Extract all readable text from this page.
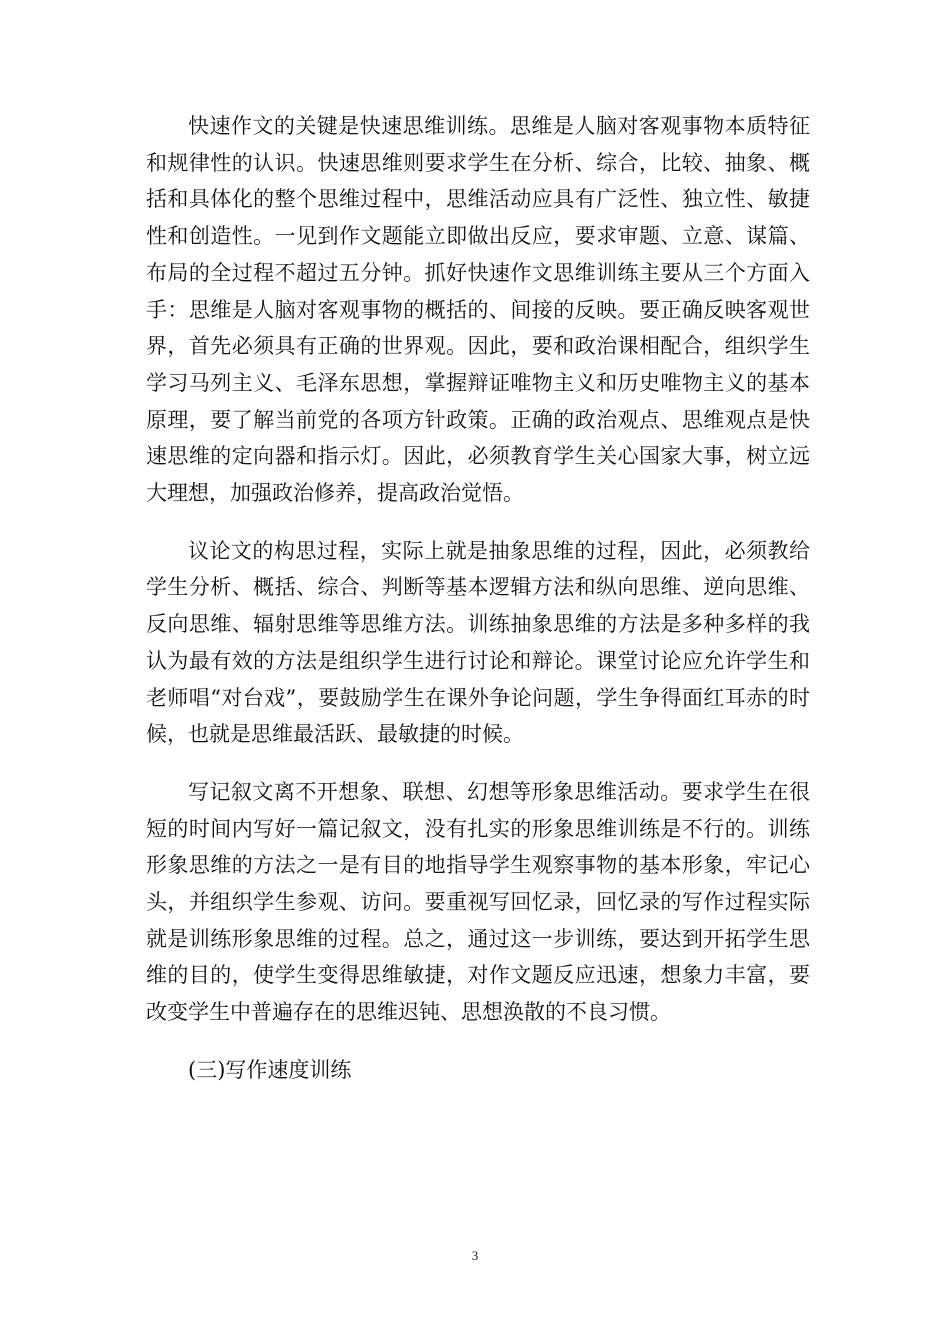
快速作文的关键是快速思维训练。思维是人脑对客观事物本质特征和规律性的认识。快速思维则要求学生在分析、综合，比较、抽象、概括和具体化的整个思维过程中，思维活动应具有广泛性、独立性、敏捷性和创造性。一见到作文题能立即做出反应，要求审题、立意、谋篇、布局的全过程不超过五分钟。抓好快速作文思维训练主要从三个方面入手：思维是人脑对客观事物的概括的、间接的反映。要正确反映客观世界，首先必须具有正确的世界观。因此，要和政治课相配合，组织学生学习马列主义、毛泽东思想，掌握辩证唯物主义和历史唯物主义的基本原理，要了解当前党的各项方针政策。正确的政治观点、思维观点是快速思维的定向器和指示灯。因此，必须教育学生关心国家大事，树立远大理想，加强政治修养，提高政治觉悟。

议论文的构思过程，实际上就是抽象思维的过程，因此，必须教给学生分析、概括、综合、判断等基本逻辑方法和纵向思维、逆向思维、反向思维、辐射思维等思维方法。训练抽象思维的方法是多种多样的我认为最有效的方法是组织学生进行讨论和辩论。课堂讨论应允许学生和老师唱“对台戏”，要鼓励学生在课外争论问题，学生争得面红耳赤的时候，也就是思维最活跃、最敏捷的时候。

写记叙文离不开想象、联想、幻想等形象思维活动。要求学生在很短的时间内写好一篇记叙文，没有扎实的形象思维训练是不行的。训练形象思维的方法之一是有目的地指导学生观察事物的基本形象，牢记心头，并组织学生参观、访问。要重视写回忆录，回忆录的写作过程实际就是训练形象思维的过程。总之，通过这一步训练，要达到开拓学生思维的目的，使学生变得思维敏捷，对作文题反应迅速，想象力丰富，要改变学生中普遍存在的思维迟钝、思想涣散的不良习惯。

(三)写作速度训练

3
